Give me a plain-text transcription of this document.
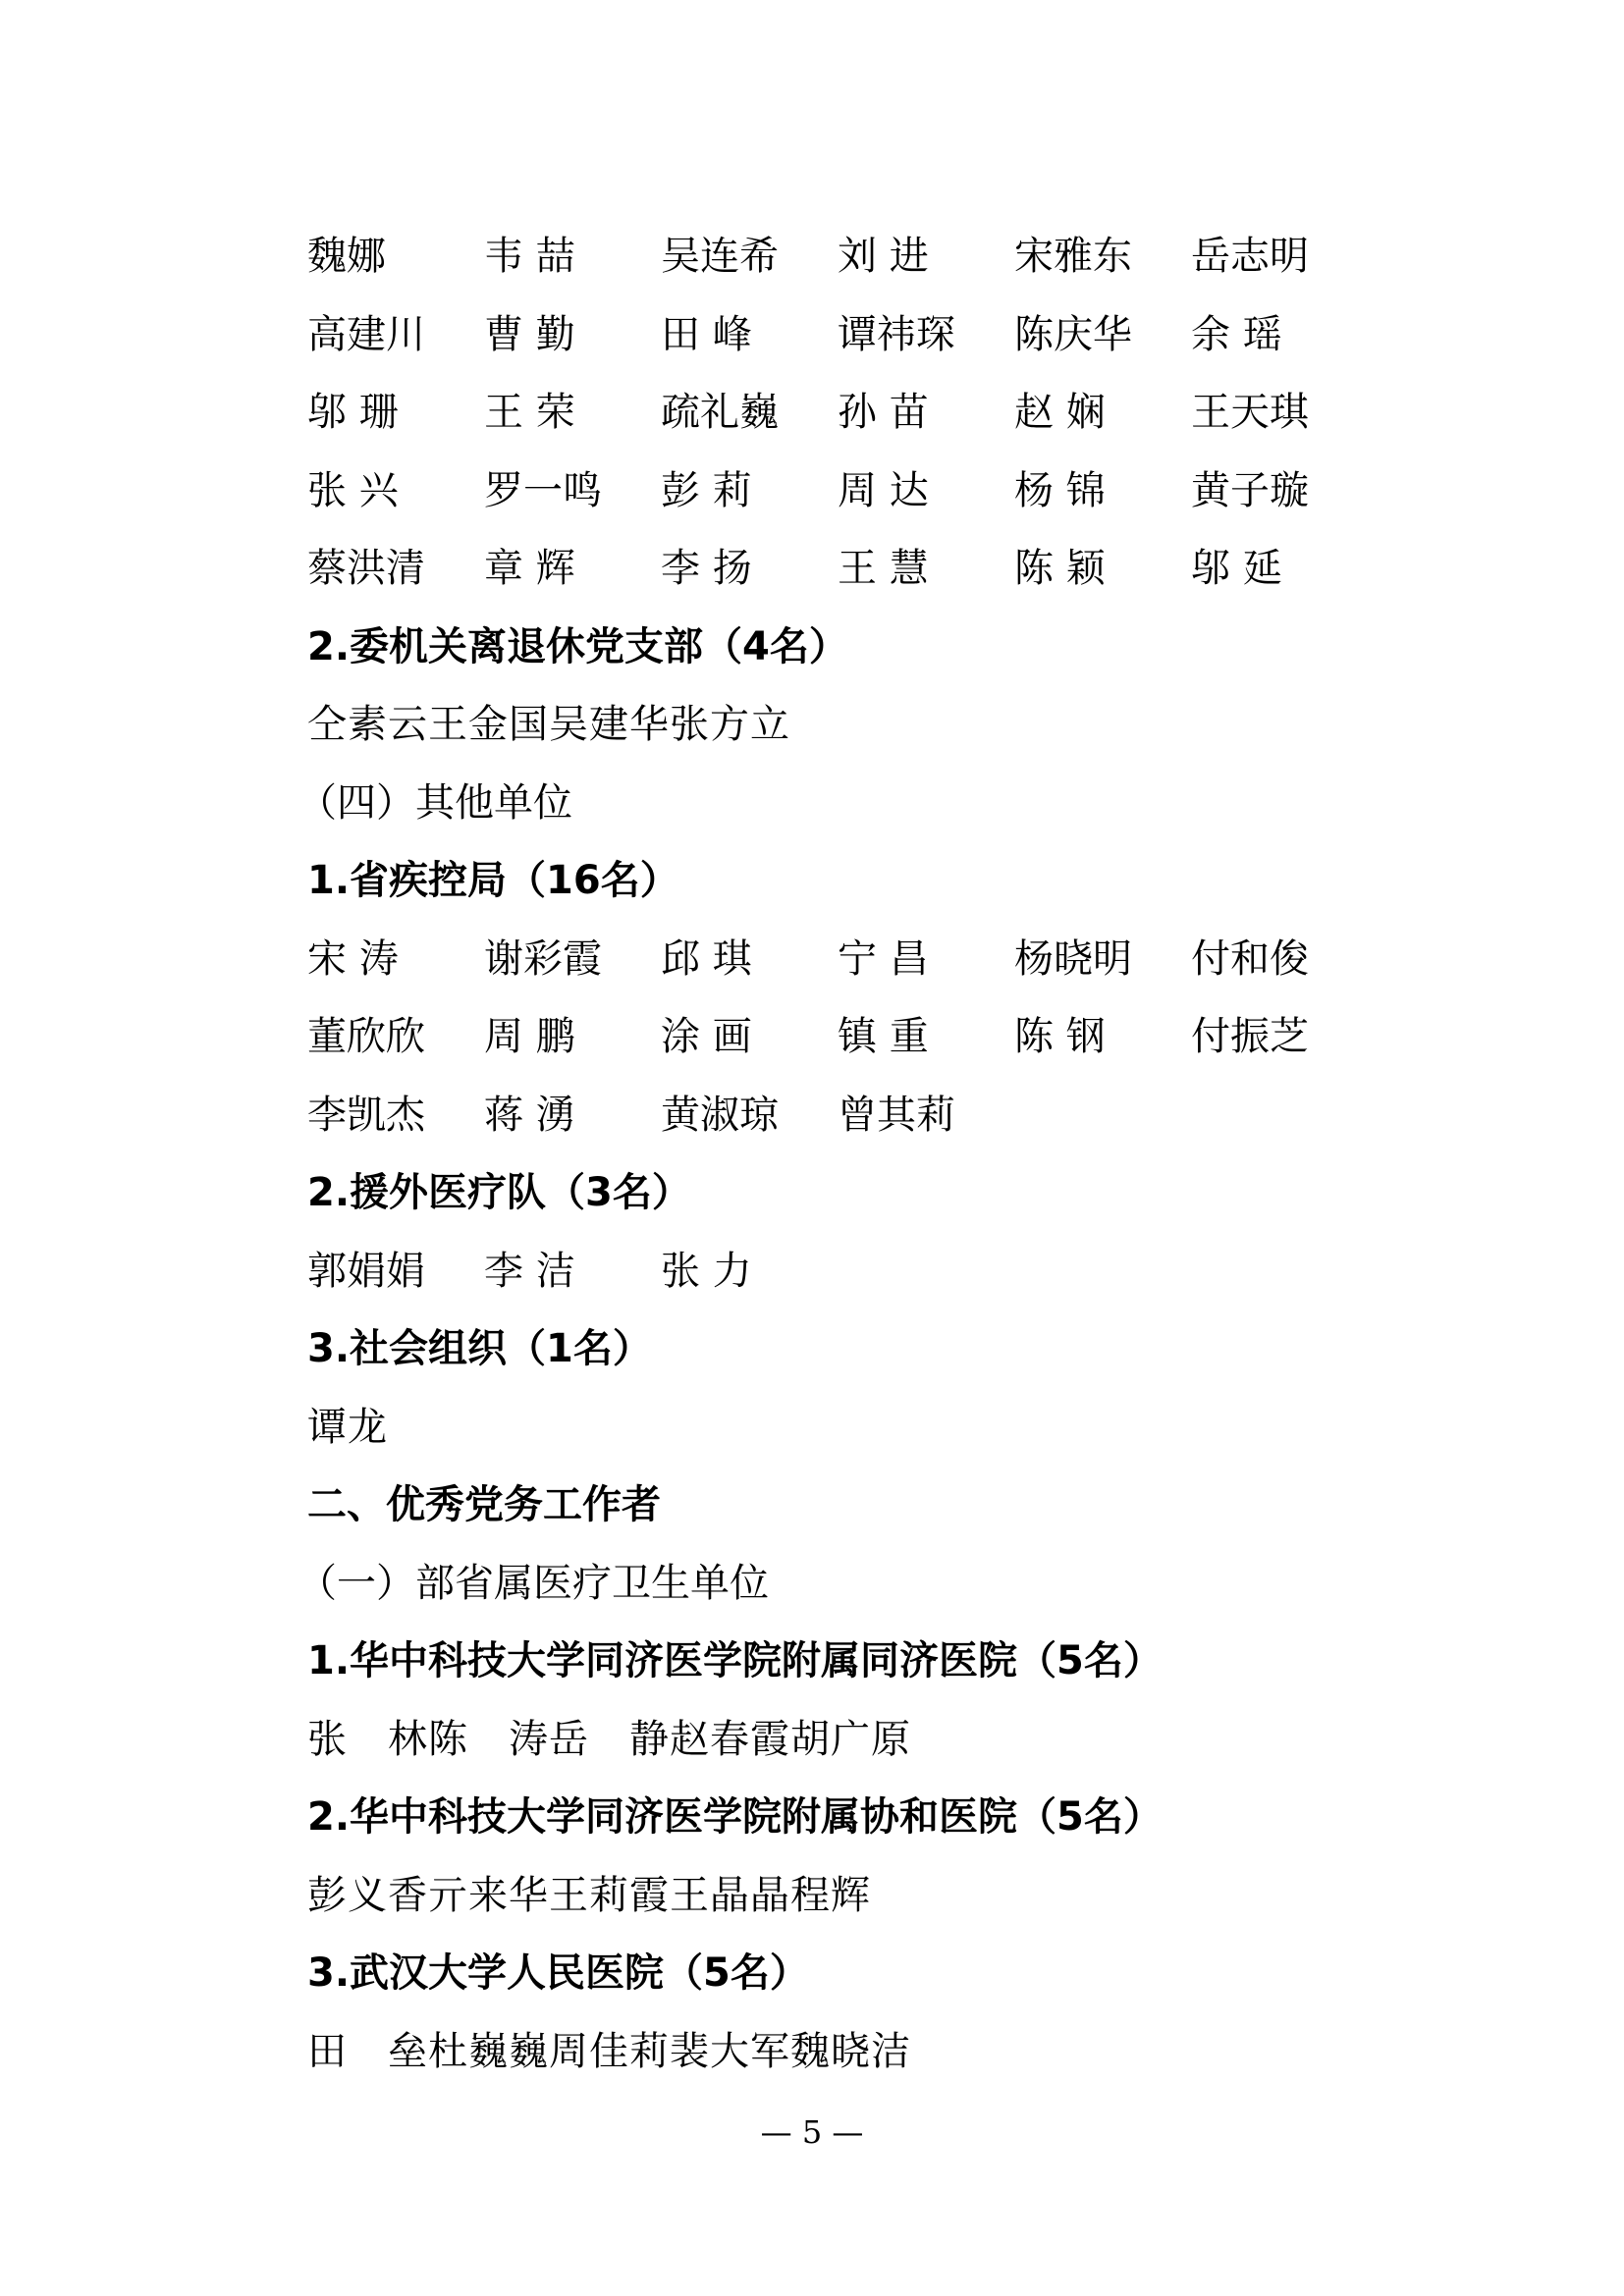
魏娜	韦 喆 吴连希 刘 进 宋雅东 岳志明
高建川 曹 勤 田 峰 谭祎琛 陈庆华 余 瑶
邬 珊 王 荣 疏礼巍 孙 苗 赵 娴 王天琪
张 兴 罗一鸣 彭 莉 周 达 杨 锦 黄子璇
蔡洪清 章 辉 李 扬 王 慧 陈 颖 邬 延
2.委机关离退休党支部（4名）
仝素云王金国吴建华张方立
（四）其他单位
1.省疾控局（16名）
宋 涛 谢彩霞 邱 琪 宁 昌 杨晓明 付和俊
董欣欣 周 鹏 涂 画 镇 重 陈 钢 付振芝
李凯杰 蒋 湧 黄淑琼 曾其莉
2.援外医疗队（3名）
郭娟娟 李 洁 张 力
3.社会组织（1名）
谭龙
二、优秀党务工作者
（一）部省属医疗卫生单位
1.华中科技大学同济医学院附属同济医院（5名）
张　林陈　涛岳　静赵春霞胡广原
2.华中科技大学同济医学院附属协和医院（5名）
彭义香亓来华王莉霞王晶晶程辉
3.武汉大学人民医院（5名）
田　垒杜巍巍周佳莉裴大军魏晓洁
— 5 —
